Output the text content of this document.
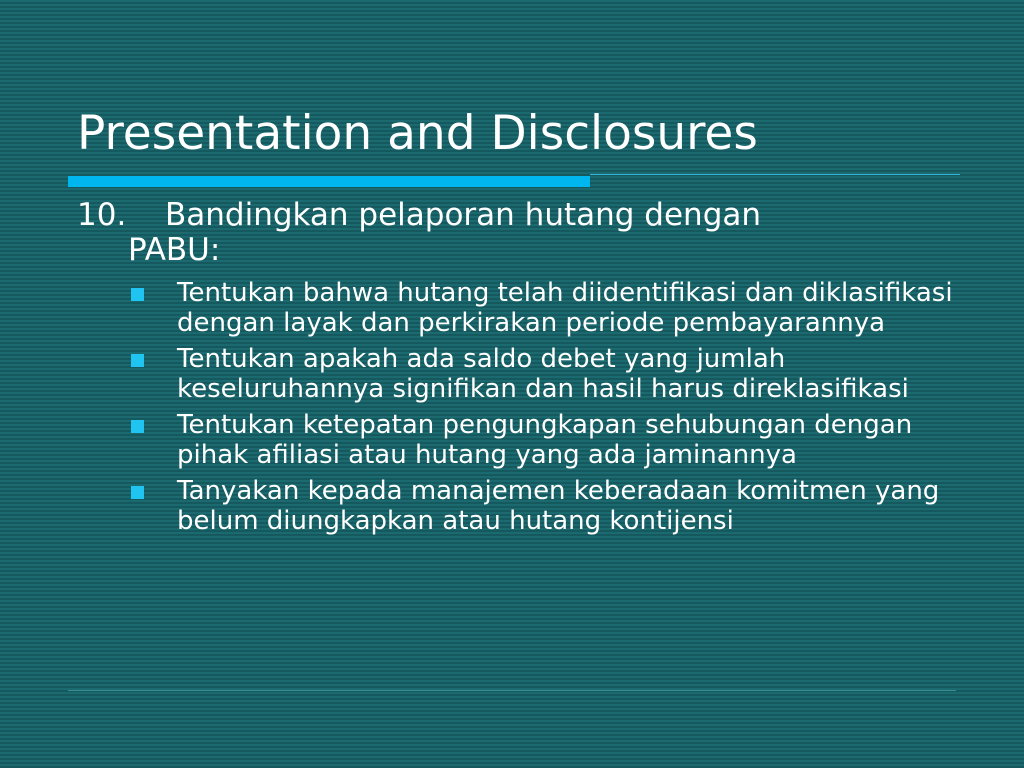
Presentation and Disclosures
10. Bandingkan pelaporan hutang dengan
PABU:
Tentukan bahwa hutang telah diidentifikasi dan diklasifikasi dengan layak dan perkirakan periode pembayarannya
Tentukan apakah ada saldo debet yang jumlah keseluruhannya signifikan dan hasil harus direklasifikasi
Tentukan ketepatan pengungkapan sehubungan dengan pihak afiliasi atau hutang yang ada jaminannya
Tanyakan kepada manajemen keberadaan komitmen yang belum diungkapkan atau hutang kontijensi
